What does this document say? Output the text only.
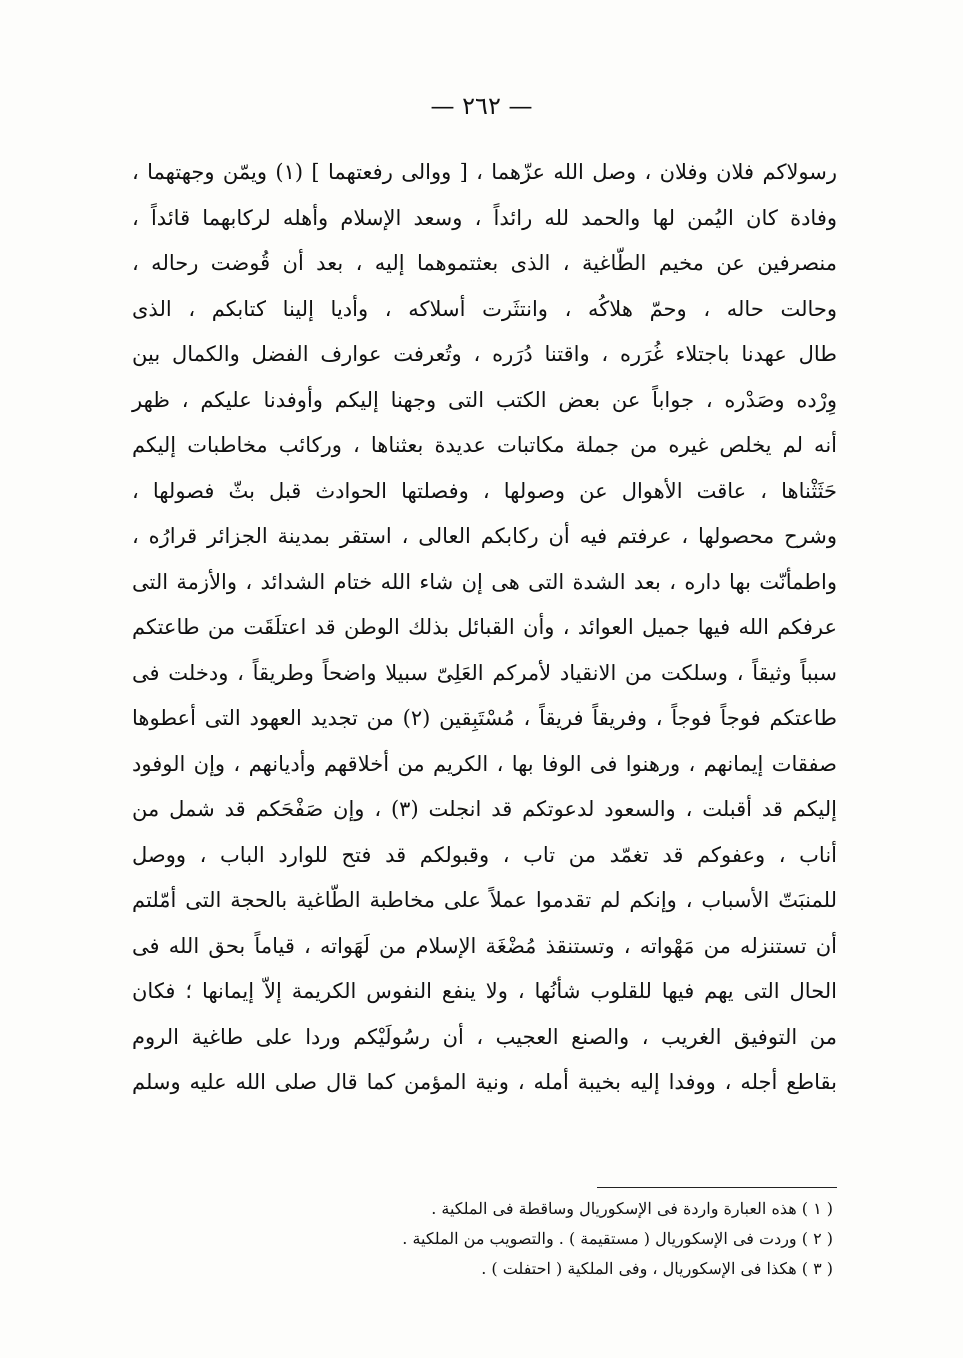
— ٢٦٢ —
رسولاكم فلان وفلان ، وصل الله عزّهما ، [ ووالى رفعتهما ] (١) ويمّن وجهتهما ،
وفادة كان اليُمن لها والحمد لله رائداً ، وسعد الإسلام وأهله لركابهما قائداً ،
منصرفين عن مخيم الطّاغية ، الذى بعثتموهما إليه ، بعد أن قُوضت رحاله ،
وحالت حاله ، وحمّ هلاكُه ، وانتثَرت أسلاكه ، وأديا إلينا كتابكم ، الذى
طال عهدنا باجتلاء غُرَره ، واقتنا دُرَره ، وتُعرفت عوارف الفضل والكمال بين
وِرْده وصَدْره ، جواباً عن بعض الكتب التى وجهنا إليكم وأوفدنا عليكم ، ظهر
أنه لم يخلص غيره من جملة مكاتبات عديدة بعثناها ، وركائب مخاطبات إليكم
حَثَثْناها ، عاقت الأهوال عن وصولها ، وفصلتها الحوادث قبل بثّ فصولها ،
وشرح محصولها ، عرفتم فيه أن ركابكم العالى ، استقر بمدينة الجزائر قرارُه ،
واطمأنّت بها داره ، بعد الشدة التى هى إن شاء الله ختام الشدائد ، والأزمة التى
عرفكم الله فيها جميل العوائد ، وأن القبائل بذلك الوطن قد اعتلَقَت من طاعتكم
سبباً وثيقاً ، وسلكت من الانقياد لأمركم العَلِىّ سبيلا واضحاً وطريقاً ، ودخلت فى
طاعتكم فوجاً فوجاً ، وفريقاً فريقاً ، مُسْتَبِقين (٢) من تجديد العهود التى أعطوها
صفقات إيمانهم ، ورهنوا فى الوفا بها ، الكريم من أخلاقهم وأديانهم ، وإن الوفود
إليكم قد أقبلت ، والسعود لدعوتكم قد انجلت (٣) ، وإن صَفْحَكم قد شمل من
أناب ، وعفوكم قد تغمّد من تاب ، وقبولكم قد فتح للوارد الباب ، ووصل
للمنبَتّ الأسباب ، وإنكم لم تقدموا عملاً على مخاطبة الطّاغية بالحجة التى أمّلتم
أن تستنزله من مَهْواته ، وتستنقذ مُضْغَة الإسلام من لَهَواته ، قياماً بحق الله فى
الحال التى يهم فيها للقلوب شأنُها ، ولا ينفع النفوس الكريمة إلاّ إيمانها ؛ فكان
من التوفيق الغريب ، والصنع العجيب ، أن رسُولَيْكم وردا على طاغية الروم
بقاطع أجله ، ووفدا إليه بخيبة أمله ، ونية المؤمن كما قال صلى الله عليه وسلم
( ١ ) هذه العبارة واردة فى الإسكوريال وساقطة فى الملكية .
( ٢ ) وردت فى الإسكوريال ( مستقيمة ) . والتصويب من الملكية .
( ٣ ) هكذا فى الإسكوريال ، وفى الملكية ( احتفلت ) .
